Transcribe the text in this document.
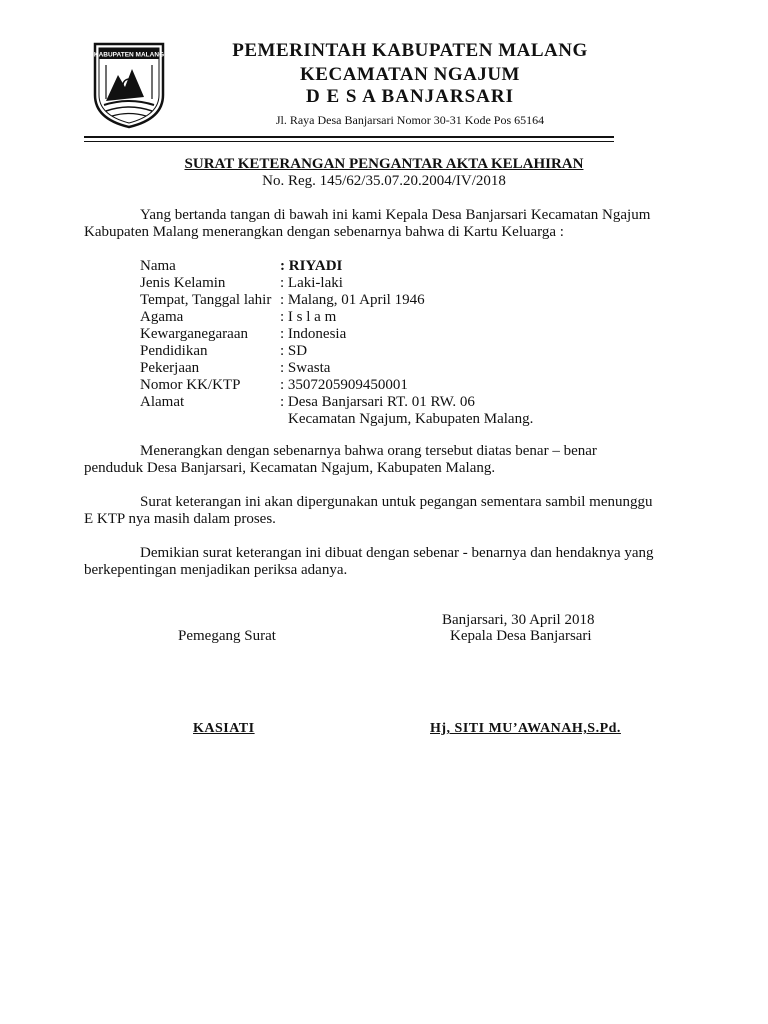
KABUPATEN MALANG	PEMERINTAH KABUPATEN MALANG
KECAMATAN NGAJUM
D E S A BANJARSARI
Jl. Raya Desa Banjarsari Nomor 30-31 Kode Pos 65164
SURAT KETERANGAN PENGANTAR AKTA KELAHIRAN
No. Reg. 145/62/35.07.20.2004/IV/2018
Yang bertanda tangan di bawah ini kami Kepala Desa Banjarsari Kecamatan Ngajum
Kabupaten Malang menerangkan dengan sebenarnya bahwa di Kartu Keluarga :
Nama	: RIYADI
Jenis Kelamin	: Laki-laki
Tempat, Tanggal lahir : Malang, 01 April 1946
Agama	: I s l a m
Kewarganegaraan : Indonesia
Pendidikan	: SD
Pekerjaan	: Swasta
Nomor KK/KTP	: 3507205909450001
Alamat	: Desa Banjarsari RT. 01 RW. 06
Kecamatan Ngajum, Kabupaten Malang.
Menerangkan dengan sebenarnya bahwa orang tersebut diatas benar – benar
penduduk Desa Banjarsari, Kecamatan Ngajum, Kabupaten Malang.
Surat keterangan ini akan dipergunakan untuk pegangan sementara sambil menunggu
E KTP nya masih dalam proses.
Demikian surat keterangan ini dibuat dengan sebenar - benarnya dan hendaknya yang
berkepentingan menjadikan periksa adanya.
Banjarsari, 30 April 2018
Pemegang Surat	Kepala Desa Banjarsari
KASIATI	Hj, SITI MU’AWANAH,S.Pd.
